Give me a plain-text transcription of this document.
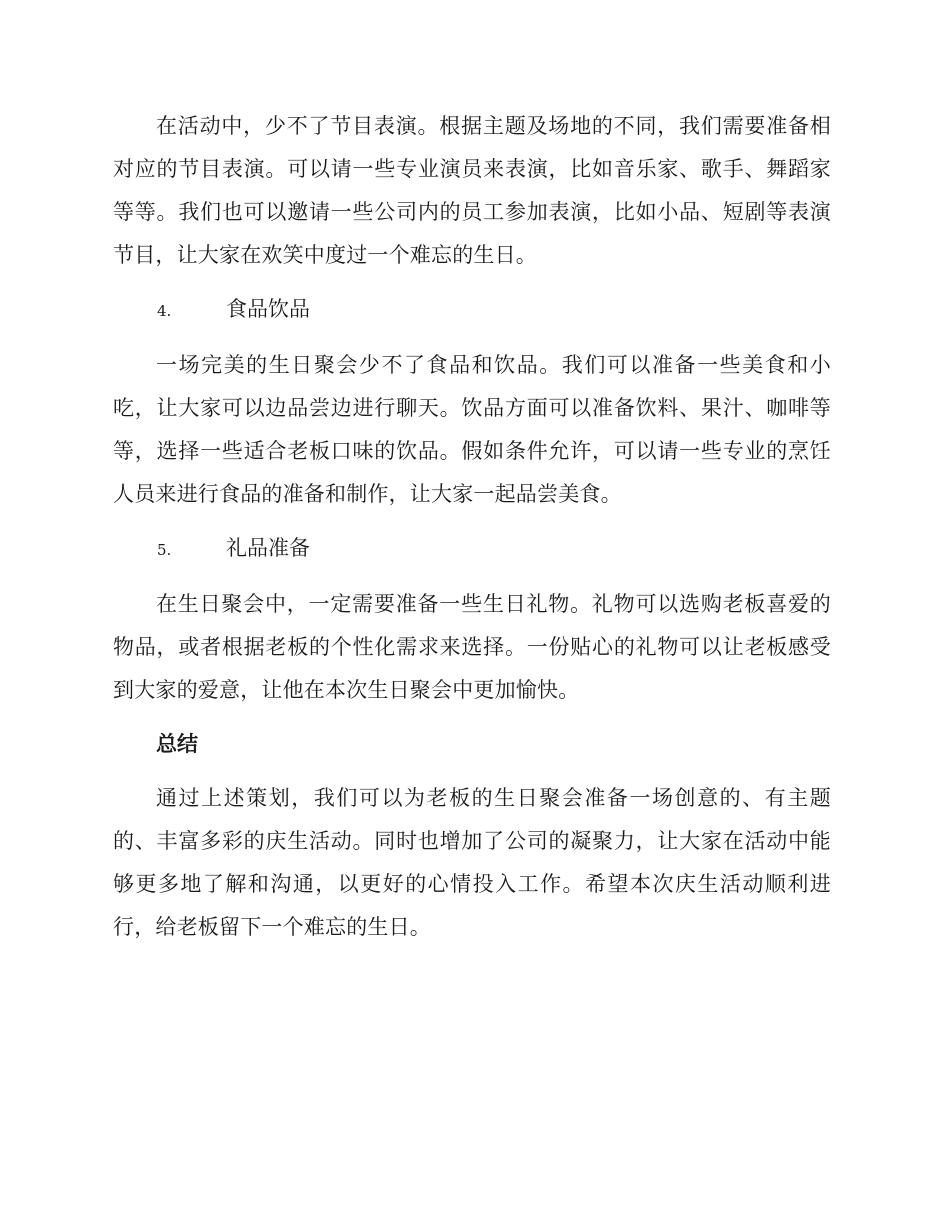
在活动中，少不了节目表演。根据主题及场地的不同，我们需要准备相对应的节目表演。可以请一些专业演员来表演，比如音乐家、歌手、舞蹈家等等。我们也可以邀请一些公司内的员工参加表演，比如小品、短剧等表演节目，让大家在欢笑中度过一个难忘的生日。

4.	食品饮品

一场完美的生日聚会少不了食品和饮品。我们可以准备一些美食和小吃，让大家可以边品尝边进行聊天。饮品方面可以准备饮料、果汁、咖啡等等，选择一些适合老板口味的饮品。假如条件允许，可以请一些专业的烹饪人员来进行食品的准备和制作，让大家一起品尝美食。

5.	礼品准备

在生日聚会中，一定需要准备一些生日礼物。礼物可以选购老板喜爱的物品，或者根据老板的个性化需求来选择。一份贴心的礼物可以让老板感受到大家的爱意，让他在本次生日聚会中更加愉快。

总结

通过上述策划，我们可以为老板的生日聚会准备一场创意的、有主题的、丰富多彩的庆生活动。同时也增加了公司的凝聚力，让大家在活动中能够更多地了解和沟通，以更好的心情投入工作。希望本次庆生活动顺利进行，给老板留下一个难忘的生日。
